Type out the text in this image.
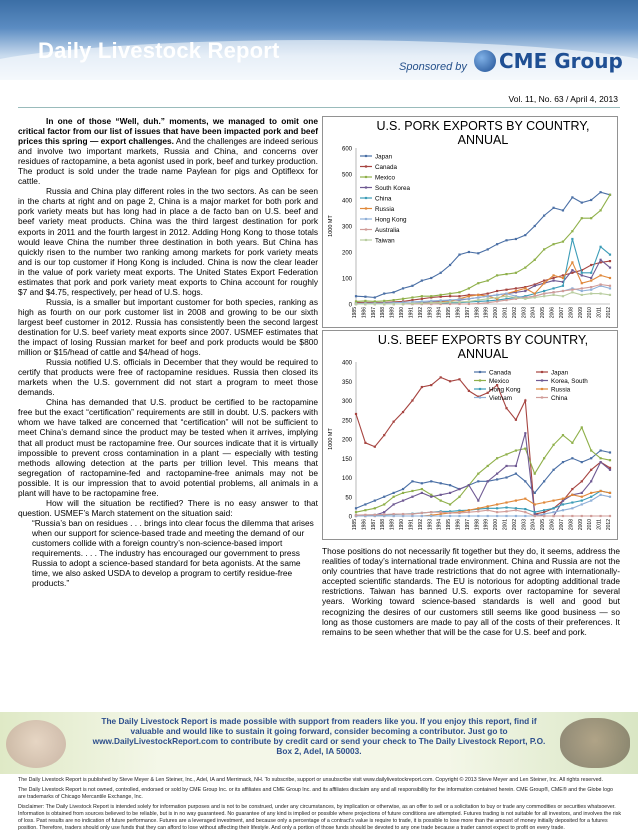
Daily Livestock Report
Sponsored by CME Group
Vol. 11, No. 63 / April 4, 2013

In one of those “Well, duh.” moments, we managed to omit one critical factor from our list of issues that have been impacted pork and beef prices this spring — export challenges. And the challenges are indeed serious and involve two important markets, Russia and China, and concerns over residues of ractopamine, a beta agonist used in pork, beef and turkey production. The product is sold under the trade name Paylean for pigs and Optiflexx for cattle.

Russia and China play different roles in the two sectors. As can be seen in the charts at right and on page 2, China is a major market for both pork and pork variety meats but has long had in place a de facto ban on U.S. beef and beef variety meat products. China was the third largest destination for pork exports in 2011 and the fourth largest in 2012. Adding Hong Kong to those totals would leave China the number three destination in both years. But China has quickly risen to the number two ranking among markets for pork variety meats and is our top customer if Hong Kong is included. China is now the clear leader in the value of pork variety meat exports. The United States Export Federation estimates that pork and pork variety meat exports to China account for roughly $7 and $4.75, respectively, per head of U.S. hogs.

Russia, is a smaller but important customer for both species, ranking as high as fourth on our pork customer list in 2008 and growing to be our sixth largest beef customer in 2012. Russia has consistently been the second largest destination for U.S. beef variety meat exports since 2007. USMEF estimates that the impact of losing Russian market for beef and pork products would be $800 million or $15/head of cattle and $4/head of hogs.

Russia notified U.S. officials in December that they would be required to certify that products were free of ractopamine residues. Russia then closed its markets when the U.S. government did not start a program to meet those demands.

China has demanded that U.S. product be certified to be ractopamine free but the exact “certification” requirements are still in doubt. U.S. packers with whom we have talked are concerned that “certification” will not be sufficient to meet China’s demand since the product may be tested when it arrives, implying that all product must be ractopamine free. Our sources indicate that it is virtually impossible to prevent cross contamination in a plant — especially with testing methods allowing detection at the parts per trillion level. This means that segregation of ractopamine-fed and ractopamine-free animals may not be possible. It is our impression that to avoid potential problems, all animals in a plant will have to be ractopamine free.

How will the situation be rectified? There is no easy answer to that question. USMEF’s March statement on the situation said:

“Russia’s ban on residues . . . brings into clear focus the dilemma that arises when our support for science-based trade and meeting the demand of our customers collide with a foreign country’s non-science-based import requirements. . . . The industry has encouraged our government to press Russia to adopt a science-based standard for beta agonists. At the same time, we also asked USDA to develop a program to certify residue-free products.”
U.S. PORK EXPORTS BY COUNTRY,
ANNUAL
0
100
200
300
400
500
600
1985 1986 1987 1988 1989 1990 1991 1992 1993 1994 1995 1996 1997 1998 1999 2000 2001 2002 2003 2004 2005 2006 2007 2008 2009 2010 2011 2012
1000 MT
Japan
Canada
Mexico
South Korea
China
Russia
Hong Kong
Australia
Taiwan
U.S. BEEF EXPORTS BY COUNTRY,
ANNUAL
0
50
100
150
200
250
300
350
400
1985 1986 1987 1988 1989 1990 1991 1992 1993 1994 1995 1996 1997 1998 1999 2000 2001 2002 2003 2004 2005 2006 2007 2008 2009 2010 2011 2012
1000 MT
Canada	Japan
Mexico	Korea, South
Hong Kong	Russia
Vietnam	China
Those positions do not necessarily fit together but they do, it seems, address the realities of today’s international trade environment. China and Russia are not the only countries that have trade restrictions that do not agree with internationally-accepted scientific standards. The EU is notorious for adopting additional trade restrictions. Taiwan has banned U.S. exports over ractopamine for several years. Working toward science-based standards is well and good but recognizing the desires of our customers still seems like good business — so long as those customers are made to pay all of the costs of their preferences. It remains to be seen whether that will be the case for U.S. beef and pork.
The Daily Livestock Report is made possible with support from readers like you. If you enjoy this report, find if valuable and would like to sustain it going forward, consider becoming a contributor. Just go to www.DailyLivestockReport.com to contribute by credit card or send your check to The Daily Livestock Report, P.O. Box 2, Adel, IA 50003.

The Daily Livestock Report is published by Steve Meyer & Len Steiner, Inc., Adel, IA and Merrimack, NH. To subscribe, support or unsubscribe visit www.dailylivestockreport.com. Copyright © 2013 Steve Meyer and Len Steiner, Inc. All rights reserved.

The Daily Livestock Report is not owned, controlled, endorsed or sold by CME Group Inc. or its affiliates and CME Group Inc. and its affiliates disclaim any and all responsibility for the information contained herein. CME Group®, CME® and the Globe logo are trademarks of Chicago Mercantile Exchange, Inc.

Disclaimer: The Daily Livestock Report is intended solely for information purposes and is not to be construed, under any circumstances, by implication or otherwise, as an offer to sell or a solicitation to buy or trade any commodities or securities whatsoever. Information is obtained from sources believed to be reliable, but is in no way guaranteed. No guarantee of any kind is implied or possible where projections of future conditions are attempted. Futures trading is not suitable for all investors, and involves the risk of loss. Past results are no indication of future performance. Futures are a leveraged investment, and because only a percentage of a contract’s value is require to trade, it is possible to lose more than the amount of money initially deposited for a futures position. Therefore, traders should only use funds that they can afford to lose without affecting their lifestyle. And only a portion of those funds should be devoted to any one trade because a trader cannot expect to profit on every trade.
